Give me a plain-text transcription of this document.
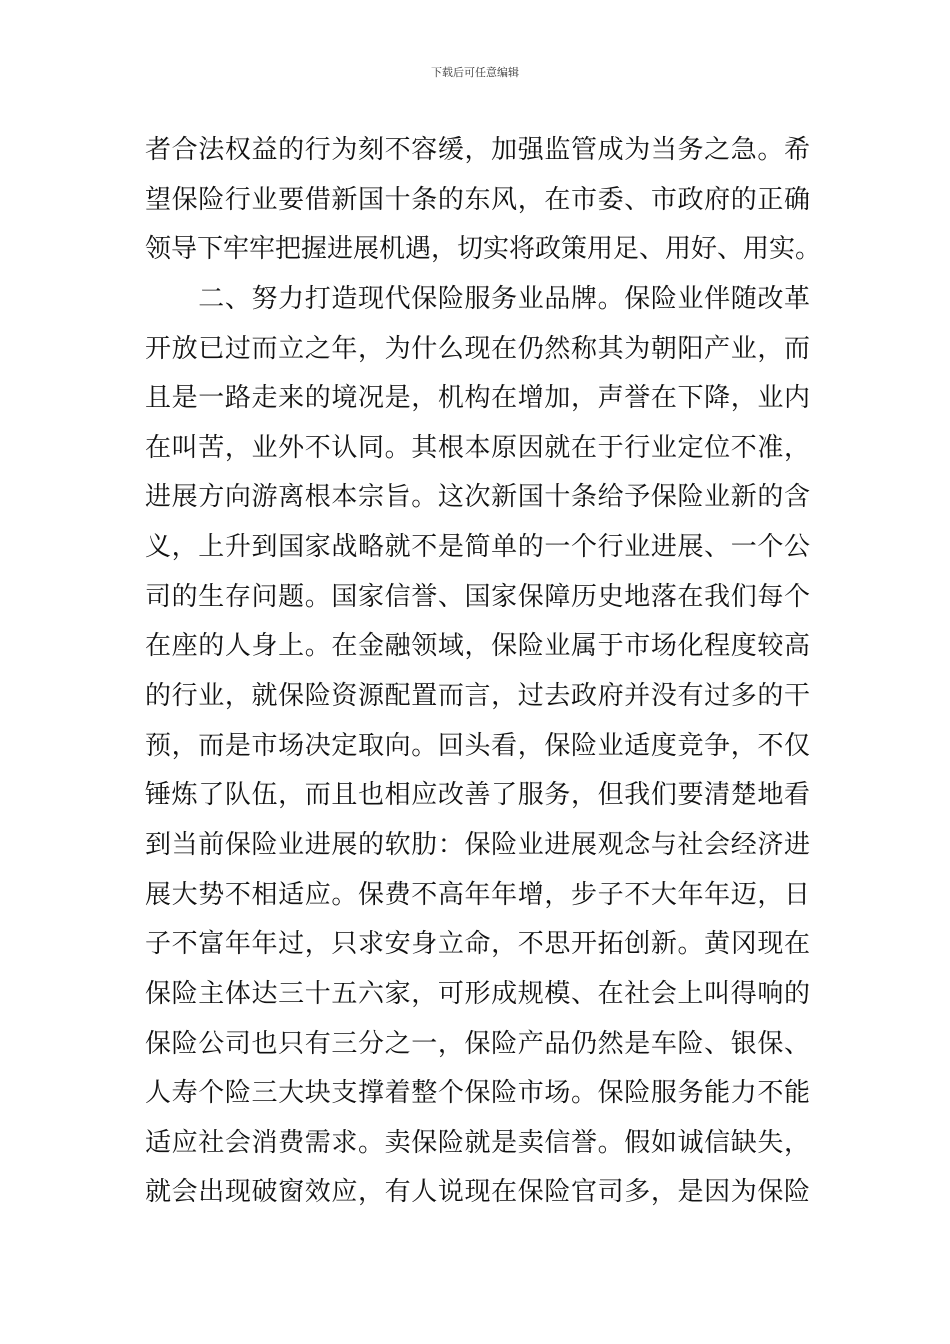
下载后可任意编辑
者合法权益的行为刻不容缓，加强监管成为当务之急。希
望保险行业要借新国十条的东风，在市委、市政府的正确
领导下牢牢把握进展机遇，切实将政策用足、用好、用实。
　　二、努力打造现代保险服务业品牌。保险业伴随改革
开放已过而立之年，为什么现在仍然称其为朝阳产业，而
且是一路走来的境况是，机构在增加，声誉在下降，业内
在叫苦，业外不认同。其根本原因就在于行业定位不准，
进展方向游离根本宗旨。这次新国十条给予保险业新的含
义，上升到国家战略就不是简单的一个行业进展、一个公
司的生存问题。国家信誉、国家保障历史地落在我们每个
在座的人身上。在金融领域，保险业属于市场化程度较高
的行业，就保险资源配置而言，过去政府并没有过多的干
预，而是市场决定取向。回头看，保险业适度竞争，不仅
锤炼了队伍，而且也相应改善了服务，但我们要清楚地看
到当前保险业进展的软肋：保险业进展观念与社会经济进
展大势不相适应。保费不高年年增，步子不大年年迈，日
子不富年年过，只求安身立命，不思开拓创新。黄冈现在
保险主体达三十五六家，可形成规模、在社会上叫得响的
保险公司也只有三分之一，保险产品仍然是车险、银保、
人寿个险三大块支撑着整个保险市场。保险服务能力不能
适应社会消费需求。卖保险就是卖信誉。假如诚信缺失，
就会出现破窗效应，有人说现在保险官司多，是因为保险
